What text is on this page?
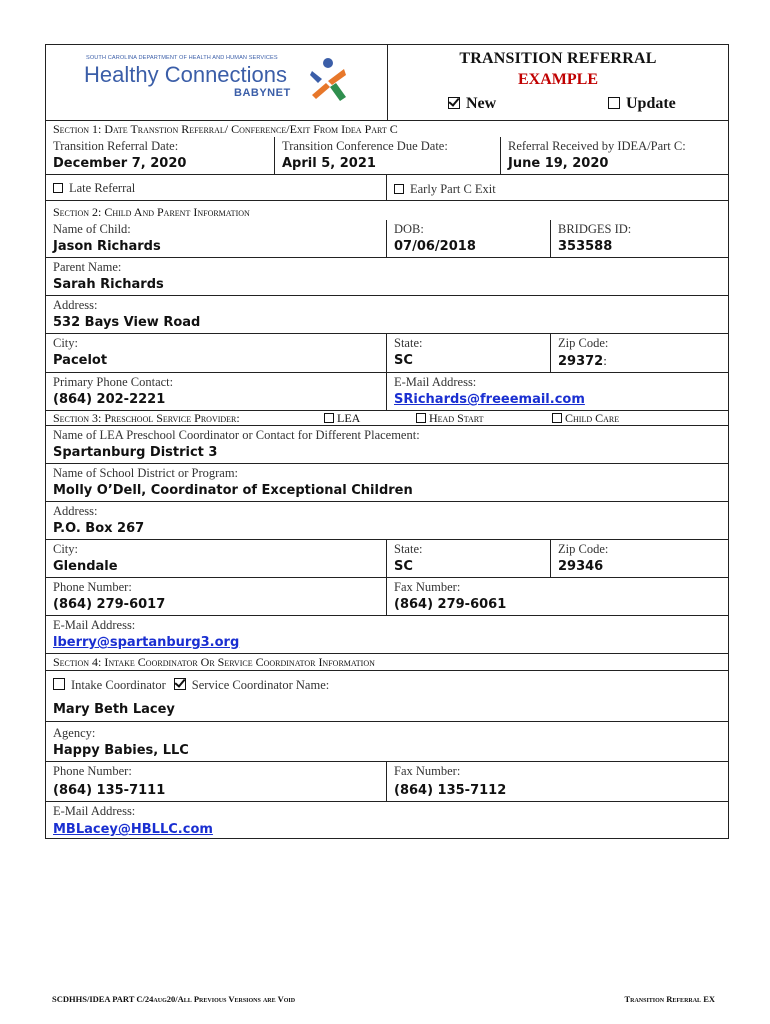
SOUTH CAROLINA DEPARTMENT OF HEALTH AND HUMAN SERVICES
Healthy Connections
BABYNET
TRANSITION REFERRAL
EXAMPLE
New	Update
Section 1: Date Transtion Referral/ Conference/Exit From Idea Part C
Transition Referral Date:
December 7, 2020
Transition Conference Due Date:
April 5, 2021
Referral Received by IDEA/Part C:
June 19, 2020
Late Referral	Early Part C Exit
Section 2: Child And Parent Information
Name of Child:
Jason Richards
DOB:
07/06/2018
BRIDGES ID:
353588
Parent Name:
Sarah Richards
Address:
532 Bays View Road
City:
Pacelot
State:
SC
Zip Code:
29372:
Primary Phone Contact:
(864) 202-2221
E-Mail Address:
SRichards@freeemail.com
Section 3: Preschool Service Provider:	LEA	Head Start	Child Care
Name of LEA Preschool Coordinator or Contact for Different Placement:
Spartanburg District 3
Name of School District or Program:
Molly O’Dell, Coordinator of Exceptional Children
Address:
P.O. Box 267
City:
Glendale
State:
SC
Zip Code:
29346
Phone Number:
(864) 279-6017
Fax Number:
(864) 279-6061
E-Mail Address:
lberry@spartanburg3.org
Section 4: Intake Coordinator Or Service Coordinator Information
Intake Coordinator Service Coordinator Name:
Mary Beth Lacey
Agency:
Happy Babies, LLC
Phone Number:
(864) 135-7111
Fax Number:
(864) 135-7112
E-Mail Address:
MBLacey@HBLLC.com
SCDHHS/IDEA PART C/24aug20/All Previous Versions are Void	Transition Referral EX
